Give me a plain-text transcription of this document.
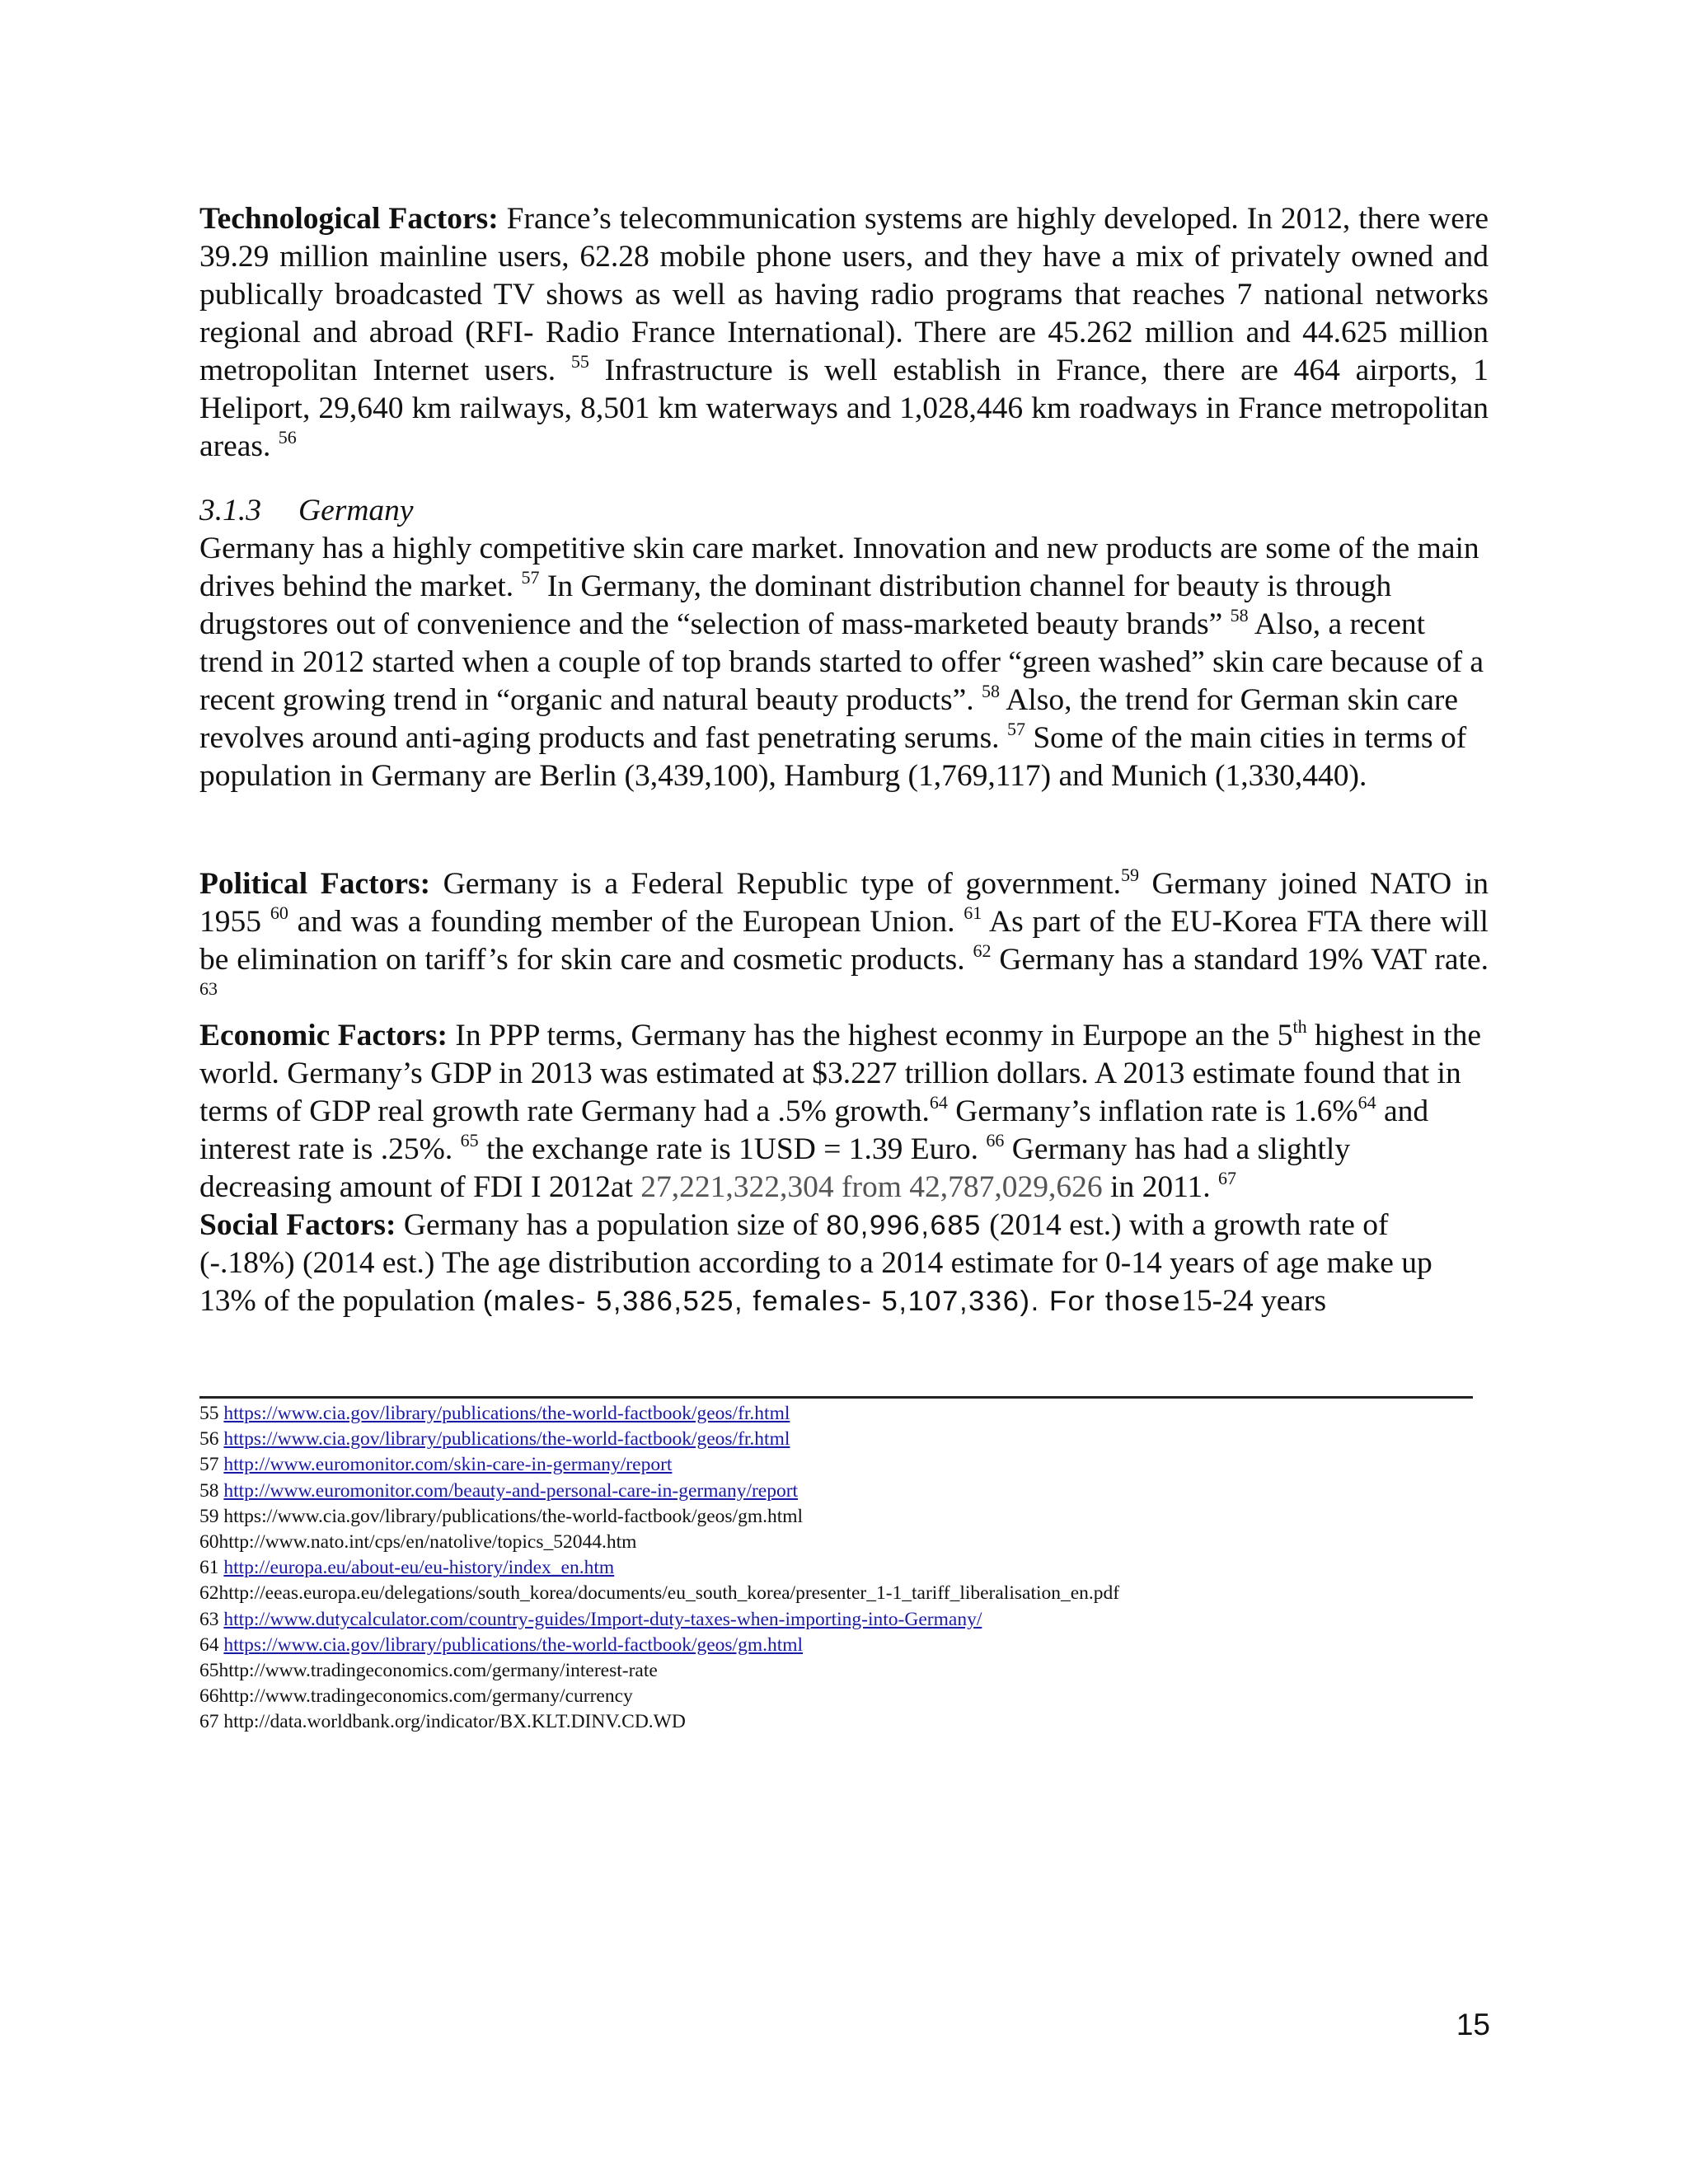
Technological Factors: France’s telecommunication systems are highly developed. In 2012, there were 39.29 million mainline users, 62.28 mobile phone users, and they have a mix of privately owned and publically broadcasted TV shows as well as having radio programs that reaches 7 national networks regional and abroad (RFI- Radio France International). There are 45.262 million and 44.625 million metropolitan Internet users. $^{55}$ Infrastructure is well establish in France, there are 464 airports, 1 Heliport, 29,640 km railways, 8,501 km waterways and 1,028,446 km roadways in France metropolitan areas. $^{56}$

3.1.3 Germany

Germany has a highly competitive skin care market. Innovation and new products are some of the main drives behind the market. $^{57}$ In Germany, the dominant distribution channel for beauty is through drugstores out of convenience and the “selection of mass-marketed beauty brands” $^{58}$ Also, a recent trend in 2012 started when a couple of top brands started to offer “green washed” skin care because of a recent growing trend in “organic and natural beauty products”. $^{58}$ Also, the trend for German skin care revolves around anti-aging products and fast penetrating serums. $^{57}$ Some of the main cities in terms of population in Germany are Berlin (3,439,100), Hamburg (1,769,117) and Munich (1,330,440).

Political Factors: Germany is a Federal Republic type of government.$^{59}$ Germany joined NATO in 1955 $^{60}$ and was a founding member of the European Union. $^{61}$ As part of the EU-Korea FTA there will be elimination on tariff’s for skin care and cosmetic products. $^{62}$ Germany has a standard 19% VAT rate. $^{63}$

Economic Factors: In PPP terms, Germany has the highest econmy in Eurpope an the 5th highest in the world. Germany’s GDP in 2013 was estimated at $3.227 trillion dollars. A 2013 estimate found that in terms of GDP real growth rate Germany had a .5% growth.$^{64}$ Germany’s inflation rate is 1.6%$^{64}$ and interest rate is .25%. $^{65}$ the exchange rate is 1USD = 1.39 Euro. $^{66}$ Germany has had a slightly decreasing amount of FDI I 2012at 27,221,322,304 from 42,787,029,626 in 2011. $^{67}$

Social Factors: Germany has a population size of 80,996,685 (2014 est.) with a growth rate of (-.18%) (2014 est.) The age distribution according to a 2014 estimate for 0-14 years of age make up 13% of the population (males- 5,386,525, females- 5,107,336). For those15-24 years

55 https://www.cia.gov/library/publications/the-world-factbook/geos/fr.html
56 https://www.cia.gov/library/publications/the-world-factbook/geos/fr.html
57 http://www.euromonitor.com/skin-care-in-germany/report
58 http://www.euromonitor.com/beauty-and-personal-care-in-germany/report
59 https://www.cia.gov/library/publications/the-world-factbook/geos/gm.html
60http://www.nato.int/cps/en/natolive/topics_52044.htm
61 http://europa.eu/about-eu/eu-history/index_en.htm
62http://eeas.europa.eu/delegations/south_korea/documents/eu_south_korea/presenter_1-1_tariff_liberalisation_en.pdf
63 http://www.dutycalculator.com/country-guides/Import-duty-taxes-when-importing-into-Germany/
64 https://www.cia.gov/library/publications/the-world-factbook/geos/gm.html
65http://www.tradingeconomics.com/germany/interest-rate
66http://www.tradingeconomics.com/germany/currency
67 http://data.worldbank.org/indicator/BX.KLT.DINV.CD.WD
15
